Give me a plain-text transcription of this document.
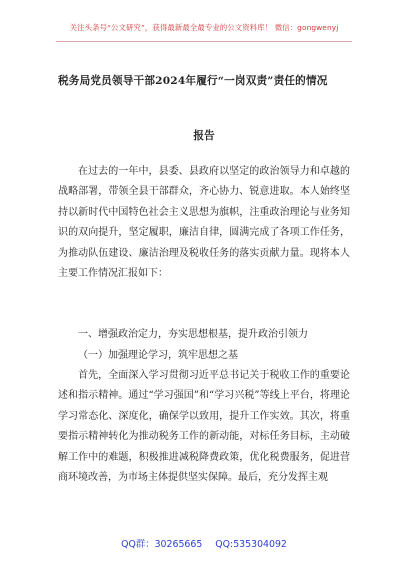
关注头条号“公文研究”，获得最新最全最专业的公文资料库！ 微信：gongwenyj
税务局党员领导干部2024年履行“一岗双责”责任的情况
报告

在过去的一年中，县委、县政府以坚定的政治领导力和卓越的战略部署，带领全县干部群众，齐心协力、锐意进取。本人始终坚持以新时代中国特色社会主义思想为旗帜，注重政治理论与业务知识的双向提升，坚定履职，廉洁自律，圆满完成了各项工作任务，为推动队伍建设、廉洁治理及税收任务的落实贡献力量。现将本人主要工作情况汇报如下：

一、增强政治定力，夯实思想根基，提升政治引领力

（一）加强理论学习，筑牢思想之基

首先，全面深入学习贯彻习近平总书记关于税收工作的重要论述和指示精神。通过“学习强国”和“学习兴税”等线上平台，将理论学习常态化、深度化，确保学以致用，提升工作实效。其次，将重要指示精神转化为推动税务工作的新动能，对标任务目标，主动破解工作中的难题，积极推进减税降费政策，优化税费服务，促进营商环境改善，为市场主体提供坚实保障。最后，充分发挥主观

QQ群：30265665 QQ:535304092
